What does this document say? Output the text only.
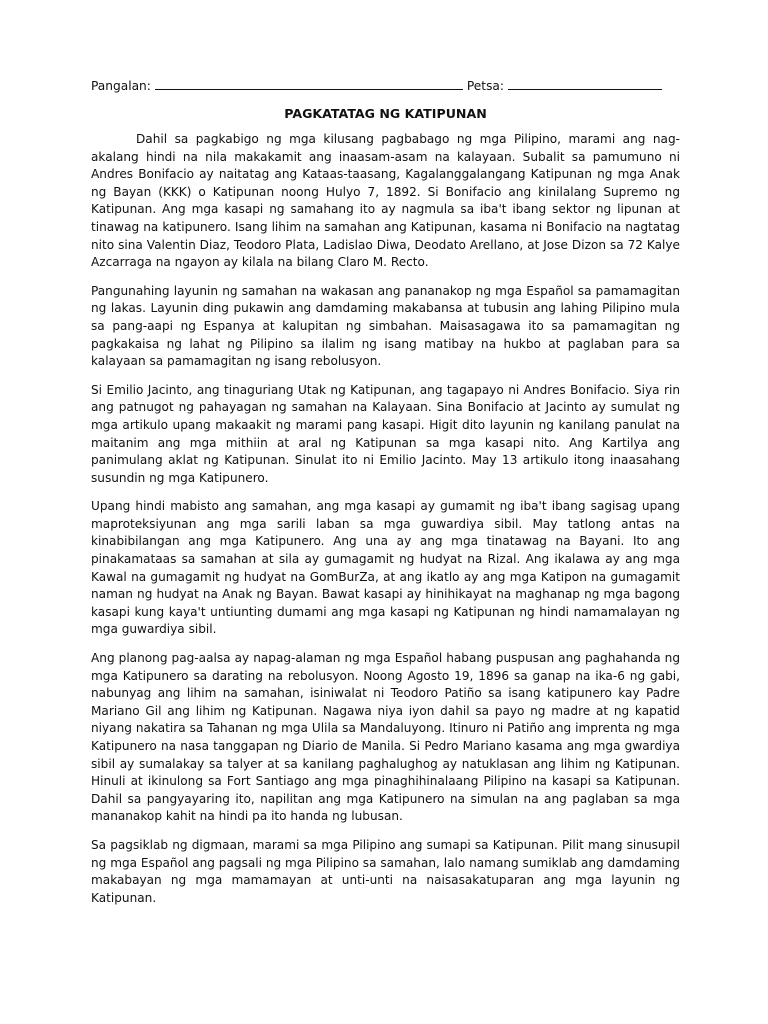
Pangalan:	Petsa:
PAGKATATAG NG KATIPUNAN

Dahil sa pagkabigo ng mga kilusang pagbabago ng mga Pilipino, marami ang nag-akalang hindi na nila makakamit ang inaasam-asam na kalayaan. Subalit sa pamumuno ni Andres Bonifacio ay naitatag ang Kataas-taasang, Kagalanggalangang Katipunan ng mga Anak ng Bayan (KKK) o Katipunan noong Hulyo 7, 1892. Si Bonifacio ang kinilalang Supremo ng Katipunan. Ang mga kasapi ng samahang ito ay nagmula sa iba't ibang sektor ng lipunan at tinawag na katipunero. Isang lihim na samahan ang Katipunan, kasama ni Bonifacio na nagtatag nito sina Valentin Diaz, Teodoro Plata, Ladislao Diwa, Deodato Arellano, at Jose Dizon sa 72 Kalye Azcarraga na ngayon ay kilala na bilang Claro M. Recto.

Pangunahing layunin ng samahan na wakasan ang pananakop ng mga Español sa pamamagitan ng lakas. Layunin ding pukawin ang damdaming makabansa at tubusin ang lahing Pilipino mula sa pang-aapi ng Espanya at kalupitan ng simbahan. Maisasagawa ito sa pamamagitan ng pagkakaisa ng lahat ng Pilipino sa ilalim ng isang matibay na hukbo at paglaban para sa kalayaan sa pamamagitan ng isang rebolusyon.

Si Emilio Jacinto, ang tinaguriang Utak ng Katipunan, ang tagapayo ni Andres Bonifacio. Siya rin ang patnugot ng pahayagan ng samahan na Kalayaan. Sina Bonifacio at Jacinto ay sumulat ng mga artikulo upang makaakit ng marami pang kasapi. Higit dito layunin ng kanilang panulat na maitanim ang mga mithiin at aral ng Katipunan sa mga kasapi nito. Ang Kartilya ang panimulang aklat ng Katipunan. Sinulat ito ni Emilio Jacinto. May 13 artikulo itong inaasahang susundin ng mga Katipunero.

Upang hindi mabisto ang samahan, ang mga kasapi ay gumamit ng iba't ibang sagisag upang maproteksiyunan ang mga sarili laban sa mga guwardiya sibil. May tatlong antas na kinabibilangan ang mga Katipunero. Ang una ay ang mga tinatawag na Bayani. Ito ang pinakamataas sa samahan at sila ay gumagamit ng hudyat na Rizal. Ang ikalawa ay ang mga Kawal na gumagamit ng hudyat na GomBurZa, at ang ikatlo ay ang mga Katipon na gumagamit naman ng hudyat na Anak ng Bayan. Bawat kasapi ay hinihikayat na maghanap ng mga bagong kasapi kung kaya't untiunting dumami ang mga kasapi ng Katipunan ng hindi namamalayan ng mga guwardiya sibil.

Ang planong pag-aalsa ay napag-alaman ng mga Español habang puspusan ang paghahanda ng mga Katipunero sa darating na rebolusyon. Noong Agosto 19, 1896 sa ganap na ika-6 ng gabi, nabunyag ang lihim na samahan, isiniwalat ni Teodoro Patiño sa isang katipunero kay Padre Mariano Gil ang lihim ng Katipunan. Nagawa niya iyon dahil sa payo ng madre at ng kapatid niyang nakatira sa Tahanan ng mga Ulila sa Mandaluyong. Itinuro ni Patiño ang imprenta ng mga Katipunero na nasa tanggapan ng Diario de Manila. Si Pedro Mariano kasama ang mga gwardiya sibil ay sumalakay sa talyer at sa kanilang paghalughog ay natuklasan ang lihim ng Katipunan. Hinuli at ikinulong sa Fort Santiago ang mga pinaghihinalaang Pilipino na kasapi sa Katipunan. Dahil sa pangyayaring ito, napilitan ang mga Katipunero na simulan na ang paglaban sa mga mananakop kahit na hindi pa ito handa ng lubusan.

Sa pagsiklab ng digmaan, marami sa mga Pilipino ang sumapi sa Katipunan. Pilit mang sinusupil ng mga Español ang pagsali ng mga Pilipino sa samahan, lalo namang sumiklab ang damdaming makabayan ng mga mamamayan at unti-unti na naisasakatuparan ang mga layunin ng Katipunan.
